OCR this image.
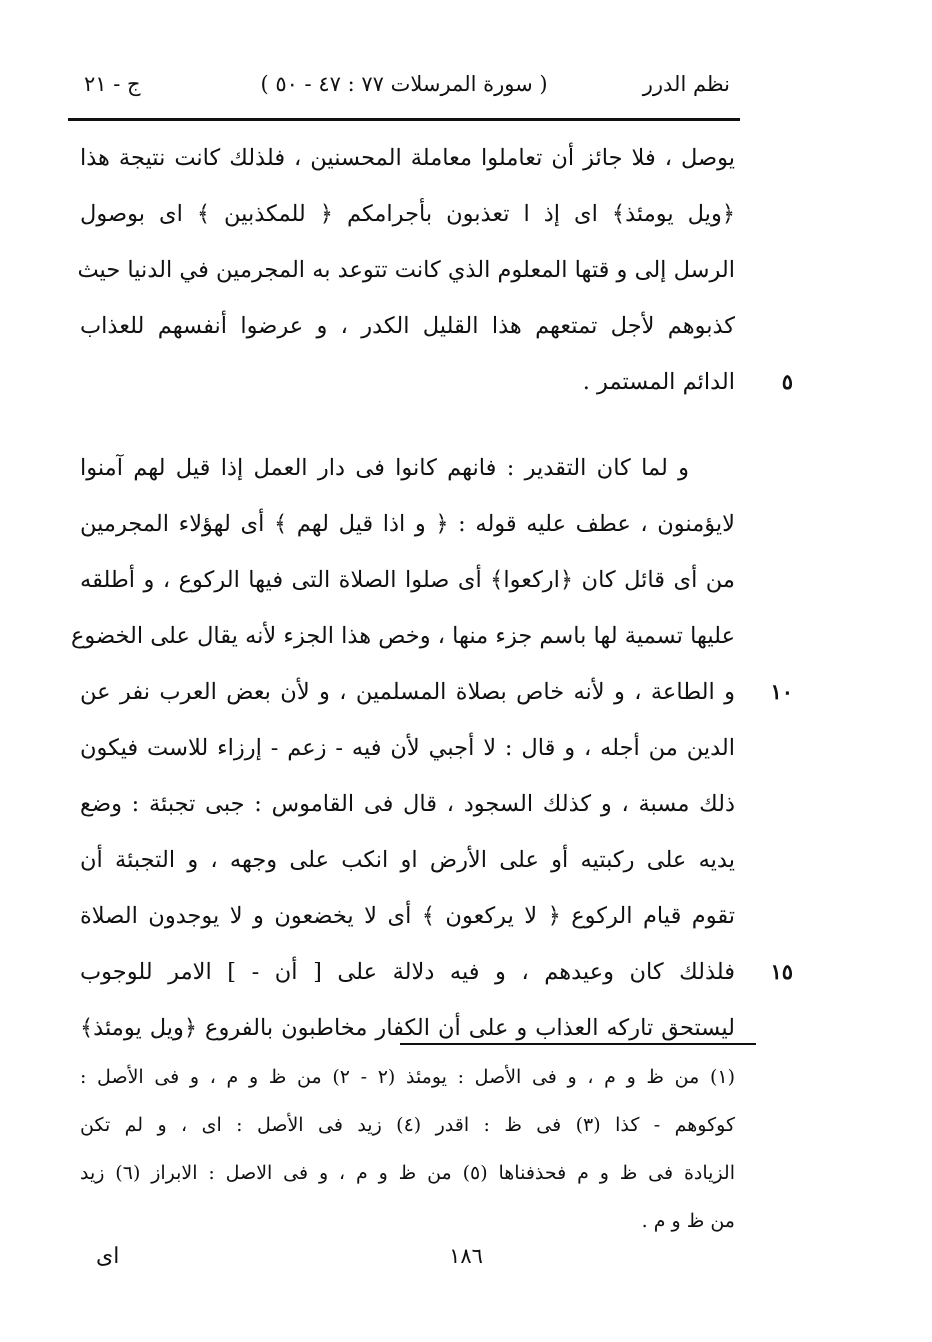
نظم الدرر
( سورة المرسلات ٧٧ : ٤٧ - ٥٠ )
ج - ٢١
يوصل ، فلا جائز أن تعاملوا معاملة المحسنين ، فلذلك كانت نتيجة هذا
﴿ويل يومئذ﴾ اى إذ ا تعذبون بأجرامكم ﴿ للمكذبين ﴾ اى بوصول
الرسل إلى و قتها المعلوم الذي كانت تتوعد به المجرمين في الدنيا حيث
كذبوهم لأجل تمتعهم هذا القليل الكدر ، و عرضوا أنفسهم للعذاب
الدائم المستمر . ٥
و لما كان التقدير : فانهم كانوا فى دار العمل إذا قيل لهم آمنوا
لايؤمنون ، عطف عليه قوله : ﴿ و اذا قيل لهم ﴾ أى لهؤلاء المجرمين
من أى قائل كان ﴿اركعوا﴾ أى صلوا الصلاة التى فيها الركوع ، و أطلقه
عليها تسمية لها باسم جزء منها ، وخص هذا الجزء لأنه يقال على الخضوع
و الطاعة ، و لأنه خاص بصلاة المسلمين ، و لأن بعض العرب نفر عن ١٠
الدين من أجله ، و قال : لا أجبي لأن فيه - زعم - إرزاء للاست فيكون
ذلك مسبة ، و كذلك السجود ، قال فى القاموس : جبى تجبئة : وضع
يديه على ركبتيه أو على الأرض او انكب على وجهه ، و التجبئة أن
تقوم قيام الركوع ﴿ لا يركعون ﴾ أى لا يخضعون و لا يوجدون الصلاة
فلذلك كان وعيدهم ، و فيه دلالة على [ أن - ] الامر للوجوب ١٥
ليستحق تاركه العذاب و على أن الكفار مخاطبون بالفروع ﴿ويل يومئذ﴾
(١) من ظ و م ، و فى الأصل : يومئذ (٢ - ٢) من ظ و م ، و فى الأصل :
كوكوهم - كذا (٣) فى ظ : اقدر (٤) زيد فى الأصل : اى ، و لم تكن
الزيادة فى ظ و م فحذفناها (٥) من ظ و م ، و فى الاصل : الابراز (٦) زيد
من ظ و م .
١٨٦
اى
